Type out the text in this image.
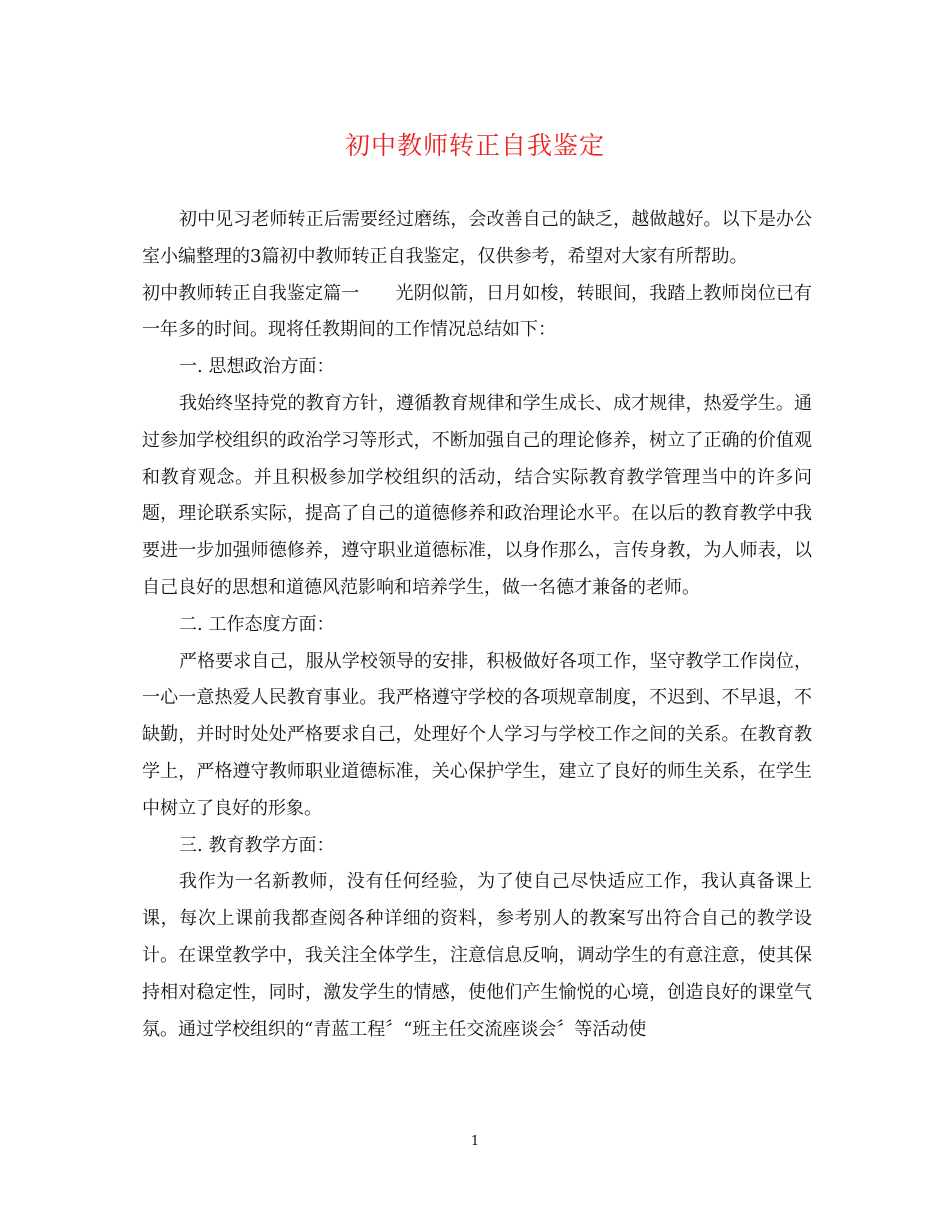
初中教师转正自我鉴定

初中见习老师转正后需要经过磨练，会改善自己的缺乏，越做越好。以下是办公室小编整理的3篇初中教师转正自我鉴定，仅供参考，希望对大家有所帮助。

初中教师转正自我鉴定篇一 光阴似箭，日月如梭，转眼间，我踏上教师岗位已有一年多的时间。现将任教期间的工作情况总结如下：

一. 思想政治方面：

我始终坚持党的教育方针，遵循教育规律和学生成长、成才规律，热爱学生。通过参加学校组织的政治学习等形式，不断加强自己的理论修养，树立了正确的价值观和教育观念。并且积极参加学校组织的活动，结合实际教育教学管理当中的许多问题，理论联系实际，提高了自己的道德修养和政治理论水平。在以后的教育教学中我要进一步加强师德修养，遵守职业道德标准，以身作那么，言传身教，为人师表，以自己良好的思想和道德风范影响和培养学生，做一名德才兼备的老师。

二. 工作态度方面：

严格要求自己，服从学校领导的安排，积极做好各项工作，坚守教学工作岗位，一心一意热爱人民教育事业。我严格遵守学校的各项规章制度，不迟到、不早退，不缺勤，并时时处处严格要求自己，处理好个人学习与学校工作之间的关系。在教育教学上，严格遵守教师职业道德标准，关心保护学生，建立了良好的师生关系，在学生中树立了良好的形象。

三. 教育教学方面：

我作为一名新教师，没有任何经验，为了使自己尽快适应工作，我认真备课上课，每次上课前我都查阅各种详细的资料，参考别人的教案写出符合自己的教学设计。在课堂教学中，我关注全体学生，注意信息反响，调动学生的有意注意，使其保持相对稳定性，同时，激发学生的情感，使他们产生愉悦的心境，创造良好的课堂气氛。通过学校组织的“青蓝工程〞“班主任交流座谈会〞等活动使

1
